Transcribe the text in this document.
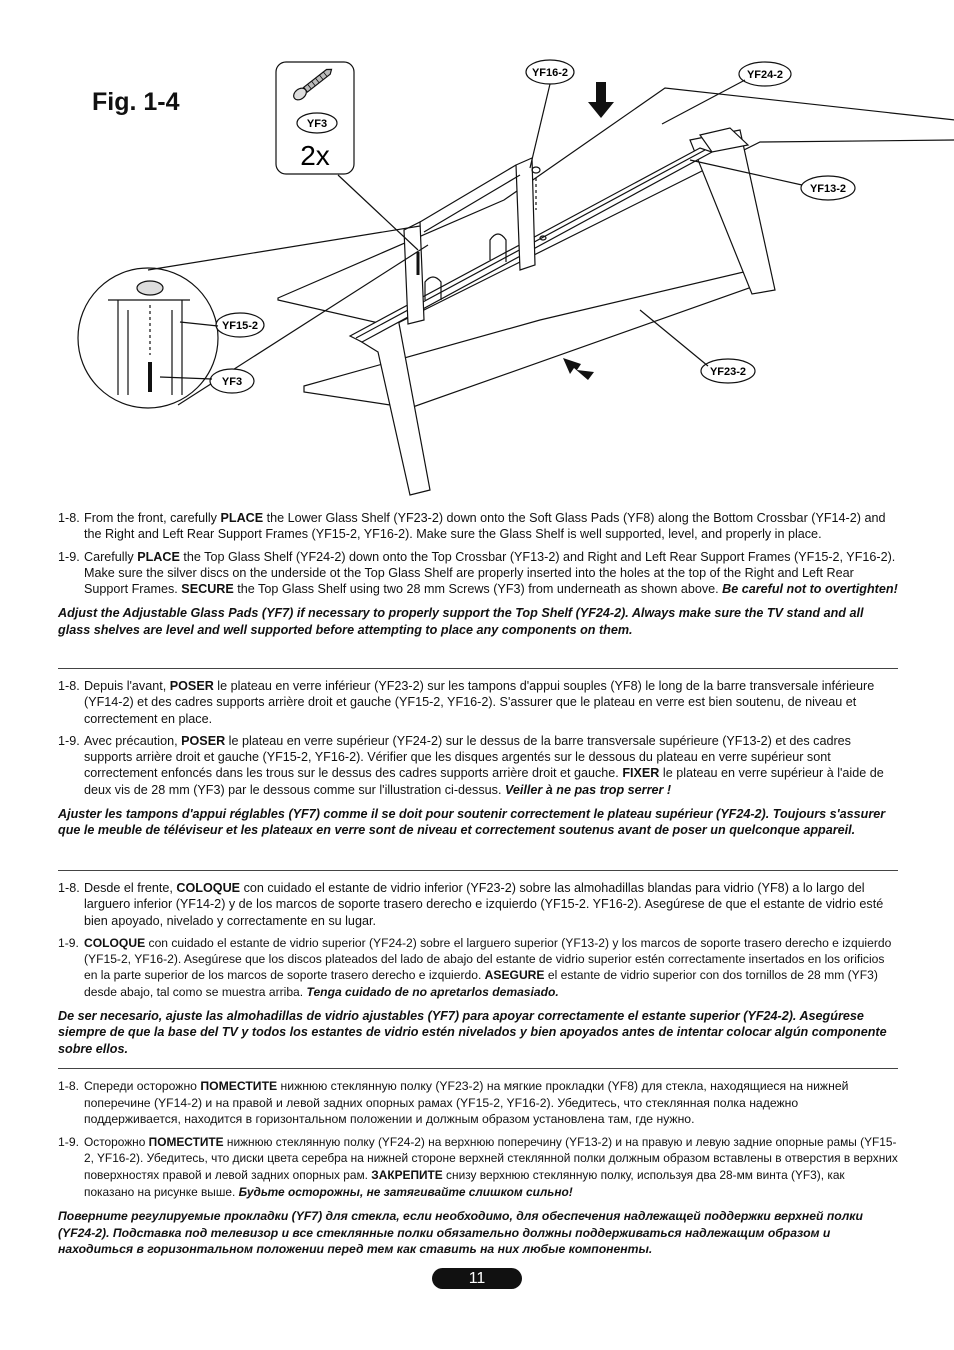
Fig. 1-4
YF3
2x
YF16-2	YF24-2
YF13-2
YF15-2
YF3
YF23-2
1-8. From the front, carefully PLACE the Lower Glass Shelf (YF23-2) down onto the Soft Glass Pads (YF8) along the Bottom Crossbar (YF14-2) and the Right and Left Rear Support Frames (YF15-2, YF16-2). Make sure the Glass Shelf is well supported, level, and properly in place.
1-9. Carefully PLACE the Top Glass Shelf (YF24-2) down onto the Top Crossbar (YF13-2) and Right and Left Rear Support Frames (YF15-2, YF16-2). Make sure the silver discs on the underside ot the Top Glass Shelf are properly inserted into the holes at the top of the Right and Left Rear Support Frames. SECURE the Top Glass Shelf using two 28 mm Screws (YF3) from underneath as shown above. Be careful not to overtighten!
Adjust the Adjustable Glass Pads (YF7) if necessary to properly support the Top Shelf (YF24-2). Always make sure the TV stand and all glass shelves are level and well supported before attempting to place any components on them.
1-8. Depuis l'avant, POSER le plateau en verre inférieur (YF23-2) sur les tampons d'appui souples (YF8) le long de la barre transversale inférieure (YF14-2) et des cadres supports arrière droit et gauche (YF15-2, YF16-2). S'assurer que le plateau en verre est bien soutenu, de niveau et correctement en place.
1-9. Avec précaution, POSER le plateau en verre supérieur (YF24-2) sur le dessus de la barre transversale supérieure (YF13-2) et des cadres supports arrière droit et gauche (YF15-2, YF16-2). Vérifier que les disques argentés sur le dessous du plateau en verre supérieur sont correctement enfoncés dans les trous sur le dessus des cadres supports arrière droit et gauche. FIXER le plateau en verre supérieur à l'aide de deux vis de 28 mm (YF3) par le dessous comme sur l'illustration ci-dessus. Veiller à ne pas trop serrer !
Ajuster les tampons d'appui réglables (YF7) comme il se doit pour soutenir correctement le plateau supérieur (YF24-2). Toujours s'assurer que le meuble de téléviseur et les plateaux en verre sont de niveau et correctement soutenus avant de poser un quelconque appareil.
1-8. Desde el frente, COLOQUE con cuidado el estante de vidrio inferior (YF23-2) sobre las almohadillas blandas para vidrio (YF8) a lo largo del larguero inferior (YF14-2) y de los marcos de soporte trasero derecho e izquierdo (YF15-2. YF16-2). Asegúrese de que el estante de vidrio esté bien apoyado, nivelado y correctamente en su lugar.
1-9. COLOQUE con cuidado el estante de vidrio superior (YF24-2) sobre el larguero superior (YF13-2) y los marcos de soporte trasero derecho e izquierdo (YF15-2, YF16-2). Asegúrese que los discos plateados del lado de abajo del estante de vidrio superior estén correctamente insertados en los orificios en la parte superior de los marcos de soporte trasero derecho e izquierdo. ASEGURE el estante de vidrio superior con dos tornillos de 28 mm (YF3) desde abajo, tal como se muestra arriba. Tenga cuidado de no apretarlos demasiado.
De ser necesario, ajuste las almohadillas de vidrio ajustables (YF7) para apoyar correctamente el estante superior (YF24-2). Asegúrese siempre de que la base del TV y todos los estantes de vidrio estén nivelados y bien apoyados antes de intentar colocar algún componente sobre ellos.
1-8. Спереди осторожно ПОМЕСТИТЕ нижнюю стеклянную полку (YF23-2) на мягкие прокладки (YF8) для стекла, находящиеся на нижней поперечине (YF14-2) и на правой и левой задних опорных рамах (YF15-2, YF16-2). Убедитесь, что стеклянная полка надежно поддерживается, находится в горизонтальном положении и должным образом установлена там, где нужно.
1-9. Осторожно ПОМЕСТИТЕ нижнюю стеклянную полку (YF24-2) на верхнюю поперечину (YF13-2) и на правую и левую задние опорные рамы (YF15-2, YF16-2). Убедитесь, что диски цвета серебра на нижней стороне верхней стеклянной полки должным образом вставлены в отверстия в верхних поверхностях правой и левой задних опорных рам. ЗАКРЕПИТЕ снизу верхнюю стеклянную полку, используя два 28-мм винта (YF3), как показано на рисунке выше. Будьте осторожны, не затягивайте слишком сильно!
Поверните регулируемые прокладки (YF7) для стекла, если необходимо, для обеспечения надлежащей поддержки верхней полки (YF24-2). Подставка под телевизор и все стеклянные полки обязательно должны поддерживаться надлежащим образом и находиться в горизонтальном положении перед тем как ставить на них любые компоненты.
11
